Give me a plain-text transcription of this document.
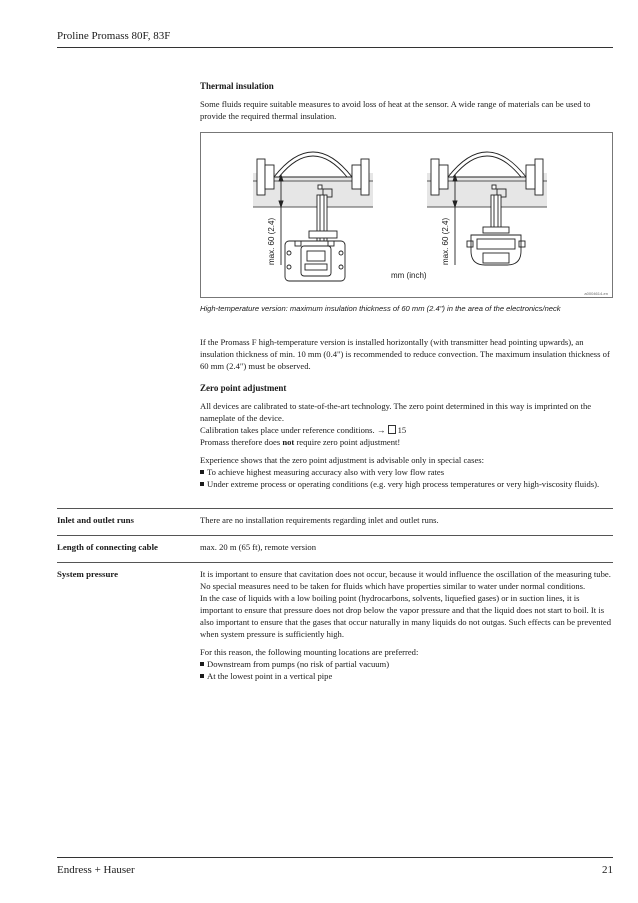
Proline Promass 80F, 83F

Thermal insulation

Some fluids require suitable measures to avoid loss of heat at the sensor. A wide range of materials can be used to provide the required thermal insulation.

max. 60 (2.4)	max. 60 (2.4)
mm (inch)
a0004614-en
High-temperature version: maximum insulation thickness of 60 mm (2.4") in the area of the electronics/neck

If the Promass F high-temperature version is installed horizontally (with transmitter head pointing upwards), an insulation thickness of min. 10 mm (0.4") is recommended to reduce convection. The maximum insulation thickness of 60 mm (2.4") must be observed.

Zero point adjustment

All devices are calibrated to state-of-the-art technology. The zero point determined in this way is imprinted on the nameplate of the device.

Calibration takes place under reference conditions. → 15

Promass therefore does not require zero point adjustment!

Experience shows that the zero point adjustment is advisable only in special cases:

To achieve highest measuring accuracy also with very low flow rates
Under extreme process or operating conditions (e.g. very high process temperatures or very high-viscosity fluids).
Inlet and outlet runs	There are no installation requirements regarding inlet and outlet runs.
Length of connecting cable	max. 20 m (65 ft), remote version
System pressure	It is important to ensure that cavitation does not occur, because it would influence the oscillation of the measuring tube. No special measures need to be taken for fluids which have properties similar to water under normal conditions.

In the case of liquids with a low boiling point (hydrocarbons, solvents, liquefied gases) or in suction lines, it is important to ensure that pressure does not drop below the vapor pressure and that the liquid does not start to boil. It is also important to ensure that the gases that occur naturally in many liquids do not outgas. Such effects can be prevented when system pressure is sufficiently high.

For this reason, the following mounting locations are preferred:

Downstream from pumps (no risk of partial vacuum)
At the lowest point in a vertical pipe
Endress + Hauser	21
